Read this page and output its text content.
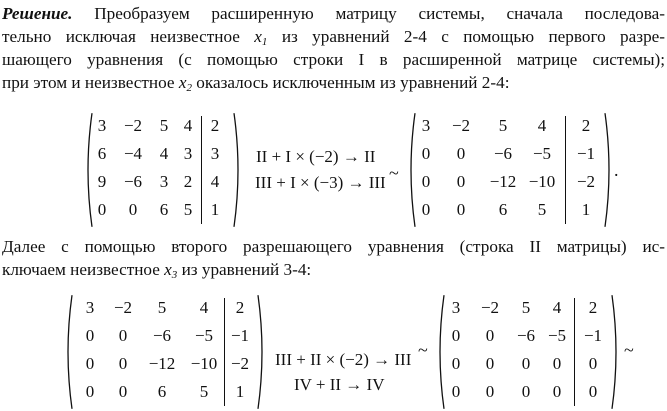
Решение. Преобразуем расширенную матрицу системы, сначала последова-
тельно исключая неизвестное $x_1$ из уравнений 2-4 с помощью первого разре-
шающего уравнения (с помощью строки I в расширенной матрице системы);
при этом и неизвестное $x_2$ оказалось исключенным из уравнений 2-4:
3	−2	5 4	2
6	−4	4 3	3
9	−6	3 2	4
0	0	6 5	1
II + I × (−2) → II
III + I × (−3) → III ~
3	−2	5	4	2
0	0	−6 −5 −1
0	0	−12 −10 −2
0	0	6	5	1
.
Далее с помощью второго разрешающего уравнения (строка II матрицы) ис-
ключаем неизвестное $x_3$ из уравнений 3-4:
3	−2	5	4	2
0	0	−6 −5 −1
0	0	−12 −10 −2
0	0	6	5	1
III + II × (−2) → III
IV + II → IV
~
3	−2	5	4	2
0	0	−6 −5 −1
0	0	0	0	0
0	0	0	0	0
~
